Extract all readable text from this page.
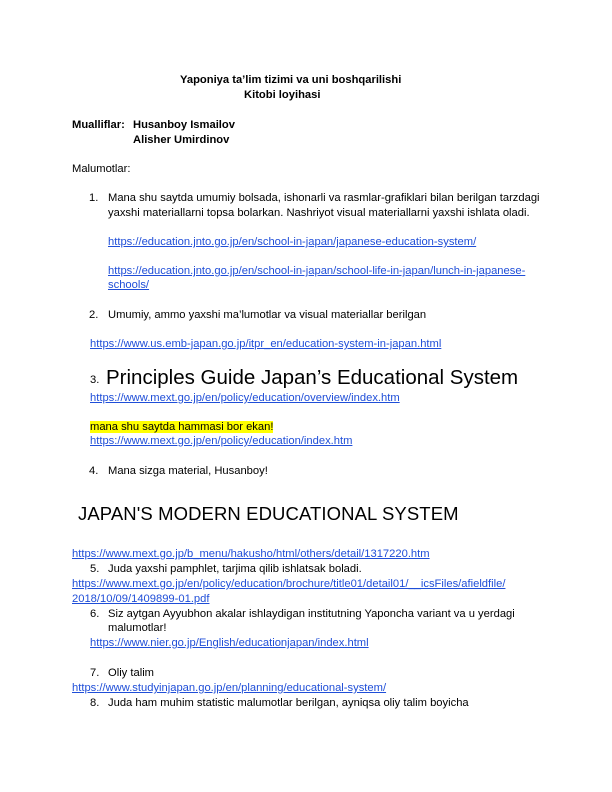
Yaponiya ta’lim tizimi va uni boshqarilishi
Kitobi loyihasi
Mualliflar: Husanboy Ismailov
Alisher Umirdinov
Malumotlar:
1. Mana shu saytda umumiy bolsada, ishonarli va rasmlar-grafiklari bilan berilgan tarzdagi
yaxshi materiallarni topsa bolarkan. Nashriyot visual materiallarni yaxshi ishlata oladi.
https://education.jnto.go.jp/en/school-in-japan/japanese-education-system/
https://education.jnto.go.jp/en/school-in-japan/school-life-in-japan/lunch-in-japanese-
schools/
2. Umumiy, ammo yaxshi ma’lumotlar va visual materiallar berilgan
https://www.us.emb-japan.go.jp/itpr_en/education-system-in-japan.html
3. Principles Guide Japan’s Educational System
https://www.mext.go.jp/en/policy/education/overview/index.htm
mana shu saytda hammasi bor ekan!
https://www.mext.go.jp/en/policy/education/index.htm
4. Mana sizga material, Husanboy!
JAPAN'S MODERN EDUCATIONAL SYSTEM
https://www.mext.go.jp/b_menu/hakusho/html/others/detail/1317220.htm
5. Juda yaxshi pamphlet, tarjima qilib ishlatsak boladi.
https://www.mext.go.jp/en/policy/education/brochure/title01/detail01/__icsFiles/afieldfile/
2018/10/09/1409899-01.pdf
6. Siz aytgan Ayyubhon akalar ishlaydigan institutning Yaponcha variant va u yerdagi
malumotlar!
https://www.nier.go.jp/English/educationjapan/index.html
7. Oliy talim
https://www.studyinjapan.go.jp/en/planning/educational-system/
8. Juda ham muhim statistic malumotlar berilgan, ayniqsa oliy talim boyicha
